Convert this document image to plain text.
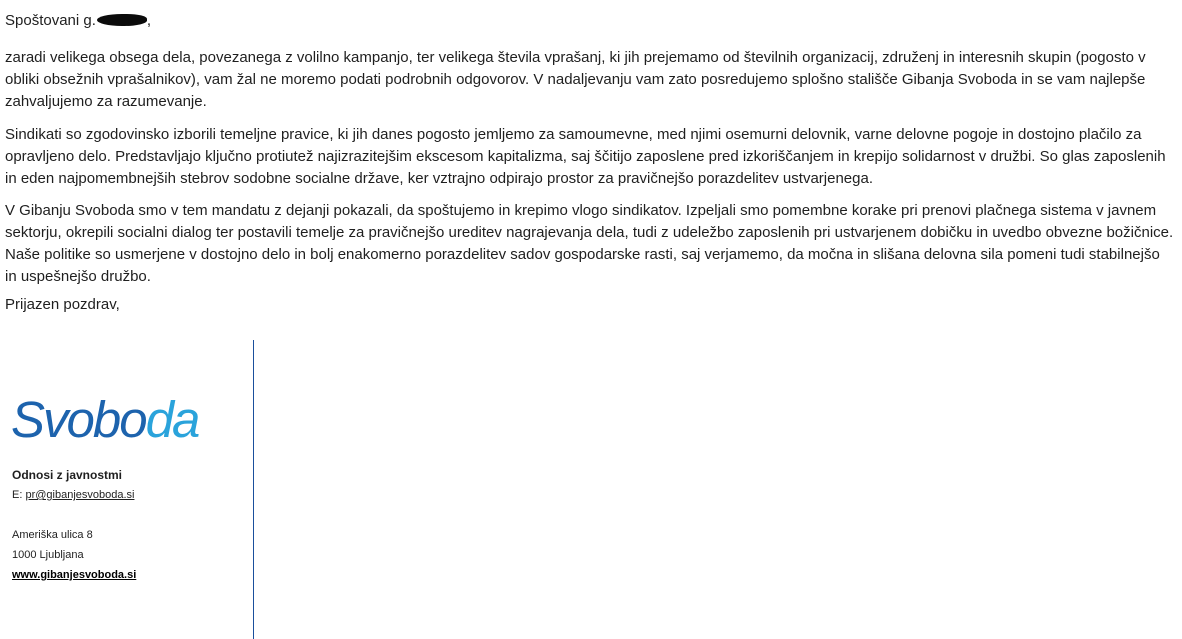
Spoštovani g.	,

zaradi velikega obsega dela, povezanega z volilno kampanjo, ter velikega števila vprašanj, ki jih prejemamo od številnih organizacij, združenj in interesnih skupin (pogosto v obliki obsežnih vprašalnikov), vam žal ne moremo podati podrobnih odgovorov. V nadaljevanju vam zato posredujemo splošno stališče Gibanja Svoboda in se vam najlepše zahvaljujemo za razumevanje.

Sindikati so zgodovinsko izborili temeljne pravice, ki jih danes pogosto jemljemo za samoumevne, med njimi osemurni delovnik, varne delovne pogoje in dostojno plačilo za opravljeno delo. Predstavljajo ključno protiutež najizrazitejšim ekscesom kapitalizma, saj ščitijo zaposlene pred izkoriščanjem in krepijo solidarnost v družbi. So glas zaposlenih in eden najpomembnejših stebrov sodobne socialne države, ker vztrajno odpirajo prostor za pravičnejšo porazdelitev ustvarjenega.

V Gibanju Svoboda smo v tem mandatu z dejanji pokazali, da spoštujemo in krepimo vlogo sindikatov. Izpeljali smo pomembne korake pri prenovi plačnega sistema v javnem sektorju, okrepili socialni dialog ter postavili temelje za pravičnejšo ureditev nagrajevanja dela, tudi z udeležbo zaposlenih pri ustvarjenem dobičku in uvedbo obvezne božičnice. Naše politike so usmerjene v dostojno delo in bolj enakomerno porazdelitev sadov gospodarske rasti, saj verjamemo, da močna in slišana delovna sila pomeni tudi stabilnejšo in uspešnejšo družbo.

Prijazen pozdrav,

Svoboda
Odnosi z javnostmi
E: pr@gibanjesvoboda.si
Ameriška ulica 8
1000 Ljubljana
www.gibanjesvoboda.si
